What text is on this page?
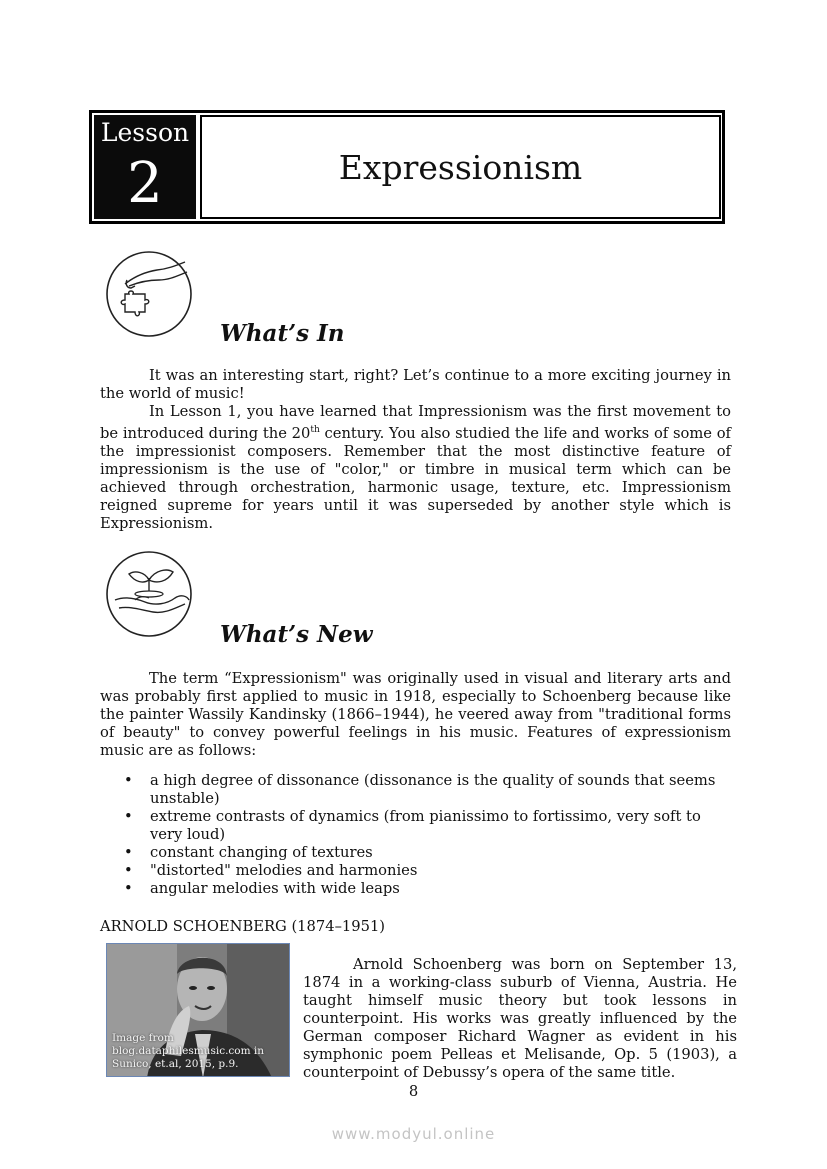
Lesson
2	Expressionism
What’s In

It was an interesting start, right? Let’s continue to a more exciting journey in the world of music!

In Lesson 1, you have learned that Impressionism was the first movement to be introduced during the 20th century. You also studied the life and works of some of the impressionist composers. Remember that the most distinctive feature of impressionism is the use of "color," or timbre in musical term which can be achieved through orchestration, harmonic usage, texture, etc. Impressionism reigned supreme for years until it was superseded by another style which is Expressionism.

What’s New

The term “Expressionism" was originally used in visual and literary arts and was probably first applied to music in 1918, especially to Schoenberg because like the painter Wassily Kandinsky (1866–1944), he veered away from "traditional forms of beauty" to convey powerful feelings in his music. Features of expressionism music are as follows:

• a high degree of dissonance (dissonance is the quality of sounds that seems unstable)
• extreme contrasts of dynamics (from pianissimo to fortissimo, very soft to very loud)
• constant changing of textures
• "distorted" melodies and harmonies
• angular melodies with wide leaps
ARNOLD SCHOENBERG (1874–1951)
Image from
blog.dataphilesmusic.com in
Sunico, et.al, 2015, p.9.

Arnold Schoenberg was born on September 13, 1874 in a working-class suburb of Vienna, Austria. He taught himself music theory but took lessons in counterpoint. His works was greatly influenced by the German composer Richard Wagner as evident in his symphonic poem Pelleas et Melisande, Op. 5 (1903), a counterpoint of Debussy’s opera of the same title.

8
www.modyul.online
